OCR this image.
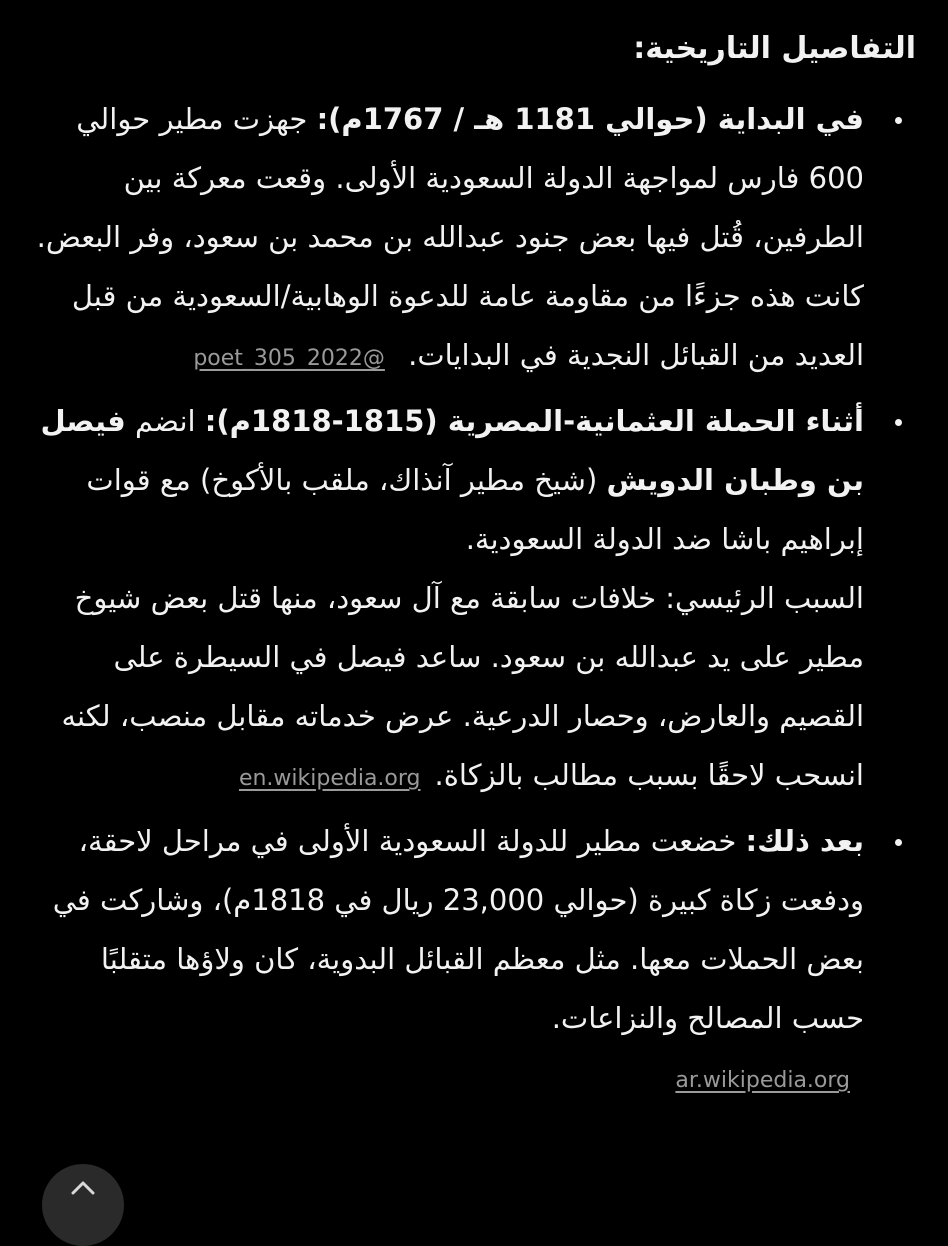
التفاصيل التاريخية:
في البداية (حوالي 1181 هـ / 1767م): جهزت مطير حوالي 600 فارس لمواجهة الدولة السعودية الأولى. وقعت معركة بين الطرفين، قُتل فيها بعض جنود عبدالله بن محمد بن سعود، وفر البعض. كانت هذه جزءًا من مقاومة عامة للدعوة الوهابية/السعودية من قبل العديد من القبائل النجدية في البدايات. poet_305_2022@
أثناء الحملة العثمانية-المصرية (1815-1818م): انضم فيصل بن وطبان الدويش (شيخ مطير آنذاك، ملقب بالأكوخ) مع قوات إبراهيم باشا ضد الدولة السعودية.
السبب الرئيسي: خلافات سابقة مع آل سعود، منها قتل بعض شيوخ مطير على يد عبدالله بن سعود. ساعد فيصل في السيطرة على القصيم والعارض، وحصار الدرعية. عرض خدماته مقابل منصب، لكنه انسحب لاحقًا بسبب مطالب بالزكاة.en.wikipedia.org
بعد ذلك: خضعت مطير للدولة السعودية الأولى في مراحل لاحقة، ودفعت زكاة كبيرة (حوالي 23,000 ريال في 1818م)، وشاركت في بعض الحملات معها. مثل معظم القبائل البدوية، كان ولاؤها متقلبًا حسب المصالح والنزاعات.
ar.wikipedia.org
